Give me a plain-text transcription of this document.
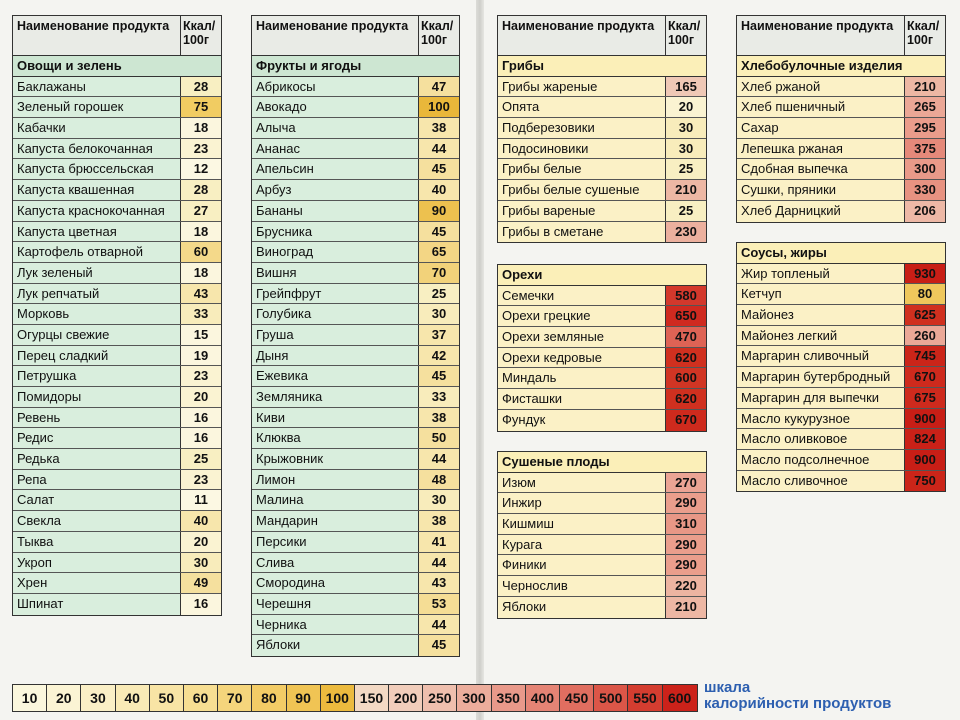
Наименование продукта	Ккал/ 100г
Овощи и зелень
Баклажаны	28
Зеленый горошек	75
Кабачки	18
Капуста белокочанная	23
Капуста брюссельская	12
Капуста квашенная	28
Капуста краснокочанная	27
Капуста цветная	18
Картофель отварной	60
Лук зеленый	18
Лук репчатый	43
Морковь	33
Огурцы свежие	15
Перец сладкий	19
Петрушка	23
Помидоры	20
Ревень	16
Редис	16
Редька	25
Репа	23
Салат	11
Свекла	40
Тыква	20
Укроп	30
Хрен	49
Шпинат	16
Наименование продукта	Ккал/ 100г
Фрукты и ягоды
Абрикосы	47
Авокадо	100
Алыча	38
Ананас	44
Апельсин	45
Арбуз	40
Бананы	90
Брусника	45
Виноград	65
Вишня	70
Грейпфрут	25
Голубика	30
Груша	37
Дыня	42
Ежевика	45
Земляника	33
Киви	38
Клюква	50
Крыжовник	44
Лимон	48
Малина	30
Мандарин	38
Персики	41
Слива	44
Смородина	43
Черешня	53
Черника	44
Яблоки	45
Наименование продукта	Ккал/ 100г
Грибы
Грибы жареные	165
Опята	20
Подберезовики	30
Подосиновики	30
Грибы белые	25
Грибы белые сушеные	210
Грибы вареные	25
Грибы в сметане	230
Орехи
Семечки	580
Орехи грецкие	650
Орехи земляные	470
Орехи кедровые	620
Миндаль	600
Фисташки	620
Фундук	670
Сушеные плоды
Изюм	270
Инжир	290
Кишмиш	310
Курага	290
Финики	290
Чернослив	220
Яблоки	210
Наименование продукта	Ккал/ 100г
Хлебобулочные изделия
Хлеб ржаной	210
Хлеб пшеничный	265
Сахар	295
Лепешка ржаная	375
Сдобная выпечка	300
Сушки, пряники	330
Хлеб Дарницкий	206
Соусы, жиры
Жир топленый	930
Кетчуп	80
Майонез	625
Майонез легкий	260
Маргарин сливочный	745
Маргарин бутербродный	670
Маргарин для выпечки	675
Масло кукурузное	900
Масло оливковое	824
Масло подсолнечное	900
Масло сливочное	750
10	20	30	40	50	60	70	80	90	100 150 200 250 300 350 400 450 500 550 600
шкала
калорийности продуктов
